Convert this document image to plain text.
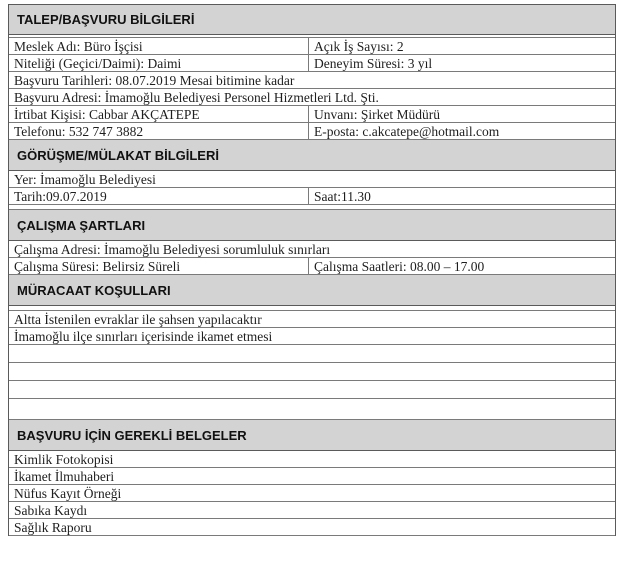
TALEP/BAŞVURU BİLGİLERİ
Meslek Adı: Büro İşçisi	Açık İş Sayısı: 2
Niteliği (Geçici/Daimi): Daimi	Deneyim Süresi: 3 yıl
Başvuru Tarihleri: 08.07.2019 Mesai bitimine kadar
Başvuru Adresi: İmamoğlu Belediyesi Personel Hizmetleri Ltd. Şti.
İrtibat Kişisi: Cabbar AKÇATEPE	Unvanı: Şirket Müdürü
Telefonu: 532 747 3882	E-posta: c.akcatepe@hotmail.com
GÖRÜŞME/MÜLAKAT BİLGİLERİ
Yer: İmamoğlu Belediyesi
Tarih:09.07.2019	Saat:11.30
ÇALIŞMA ŞARTLARI
Çalışma Adresi: İmamoğlu Belediyesi sorumluluk sınırları
Çalışma Süresi: Belirsiz Süreli	Çalışma Saatleri: 08.00 – 17.00
MÜRACAAT KOŞULLARI
Altta İstenilen evraklar ile şahsen yapılacaktır
İmamoğlu ilçe sınırları içerisinde ikamet etmesi
BAŞVURU İÇİN GEREKLİ BELGELER
Kimlik Fotokopisi
İkamet İlmuhaberi
Nüfus Kayıt Örneği
Sabıka Kaydı
Sağlık Raporu
